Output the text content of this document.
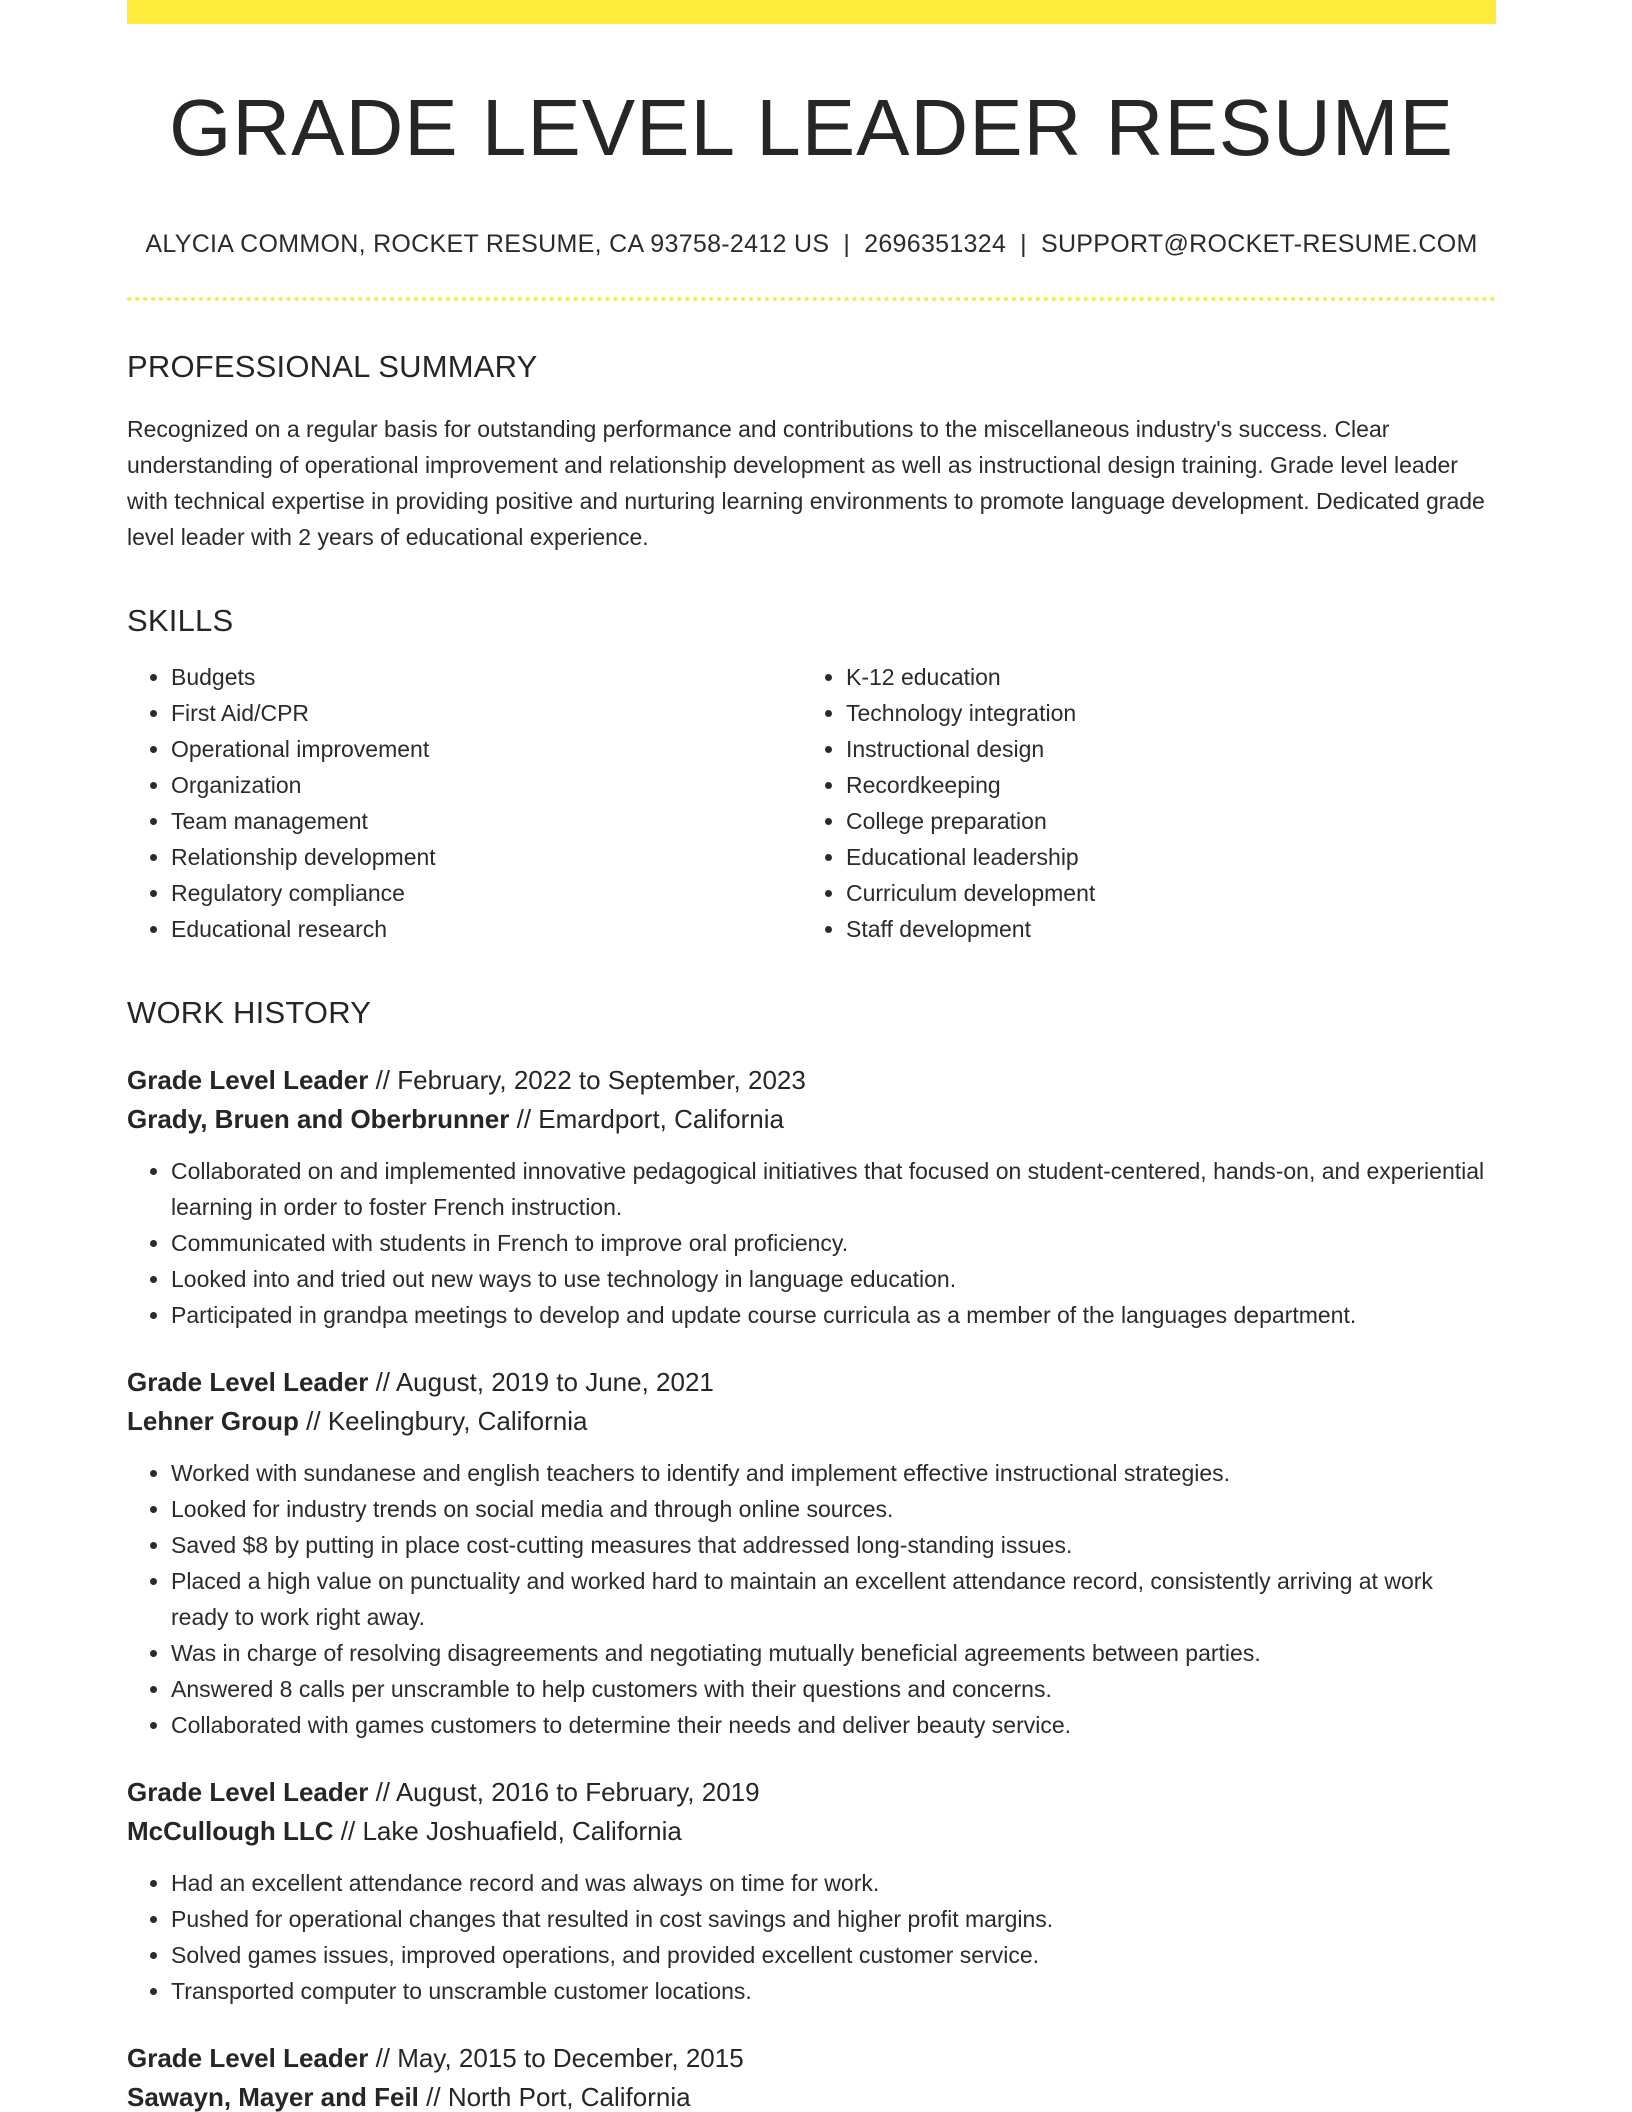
GRADE LEVEL LEADER RESUME
ALYCIA COMMON, ROCKET RESUME, CA 93758-2412 US | 2696351324 | SUPPORT@ROCKET-RESUME.COM
PROFESSIONAL SUMMARY
Recognized on a regular basis for outstanding performance and contributions to the miscellaneous industry's success. Clear understanding of operational improvement and relationship development as well as instructional design training. Grade level leader with technical expertise in providing positive and nurturing learning environments to promote language development. Dedicated grade level leader with 2 years of educational experience.
SKILLS
• Budgets
• First Aid/CPR
• Operational improvement
• Organization
• Team management
• Relationship development
• Regulatory compliance
• Educational research
• K-12 education
• Technology integration
• Instructional design
• Recordkeeping
• College preparation
• Educational leadership
• Curriculum development
• Staff development
WORK HISTORY
Grade Level Leader // February, 2022 to September, 2023
Grady, Bruen and Oberbrunner // Emardport, California
• Collaborated on and implemented innovative pedagogical initiatives that focused on student-centered, hands-on, and experiential learning in order to foster French instruction.
• Communicated with students in French to improve oral proficiency.
• Looked into and tried out new ways to use technology in language education.
• Participated in grandpa meetings to develop and update course curricula as a member of the languages department.
Grade Level Leader // August, 2019 to June, 2021
Lehner Group // Keelingbury, California
• Worked with sundanese and english teachers to identify and implement effective instructional strategies.
• Looked for industry trends on social media and through online sources.
• Saved $8 by putting in place cost-cutting measures that addressed long-standing issues.
• Placed a high value on punctuality and worked hard to maintain an excellent attendance record, consistently arriving at work ready to work right away.
• Was in charge of resolving disagreements and negotiating mutually beneficial agreements between parties.
• Answered 8 calls per unscramble to help customers with their questions and concerns.
• Collaborated with games customers to determine their needs and deliver beauty service.
Grade Level Leader // August, 2016 to February, 2019
McCullough LLC // Lake Joshuafield, California
• Had an excellent attendance record and was always on time for work.
• Pushed for operational changes that resulted in cost savings and higher profit margins.
• Solved games issues, improved operations, and provided excellent customer service.
• Transported computer to unscramble customer locations.
Grade Level Leader // May, 2015 to December, 2015
Sawayn, Mayer and Feil // North Port, California
